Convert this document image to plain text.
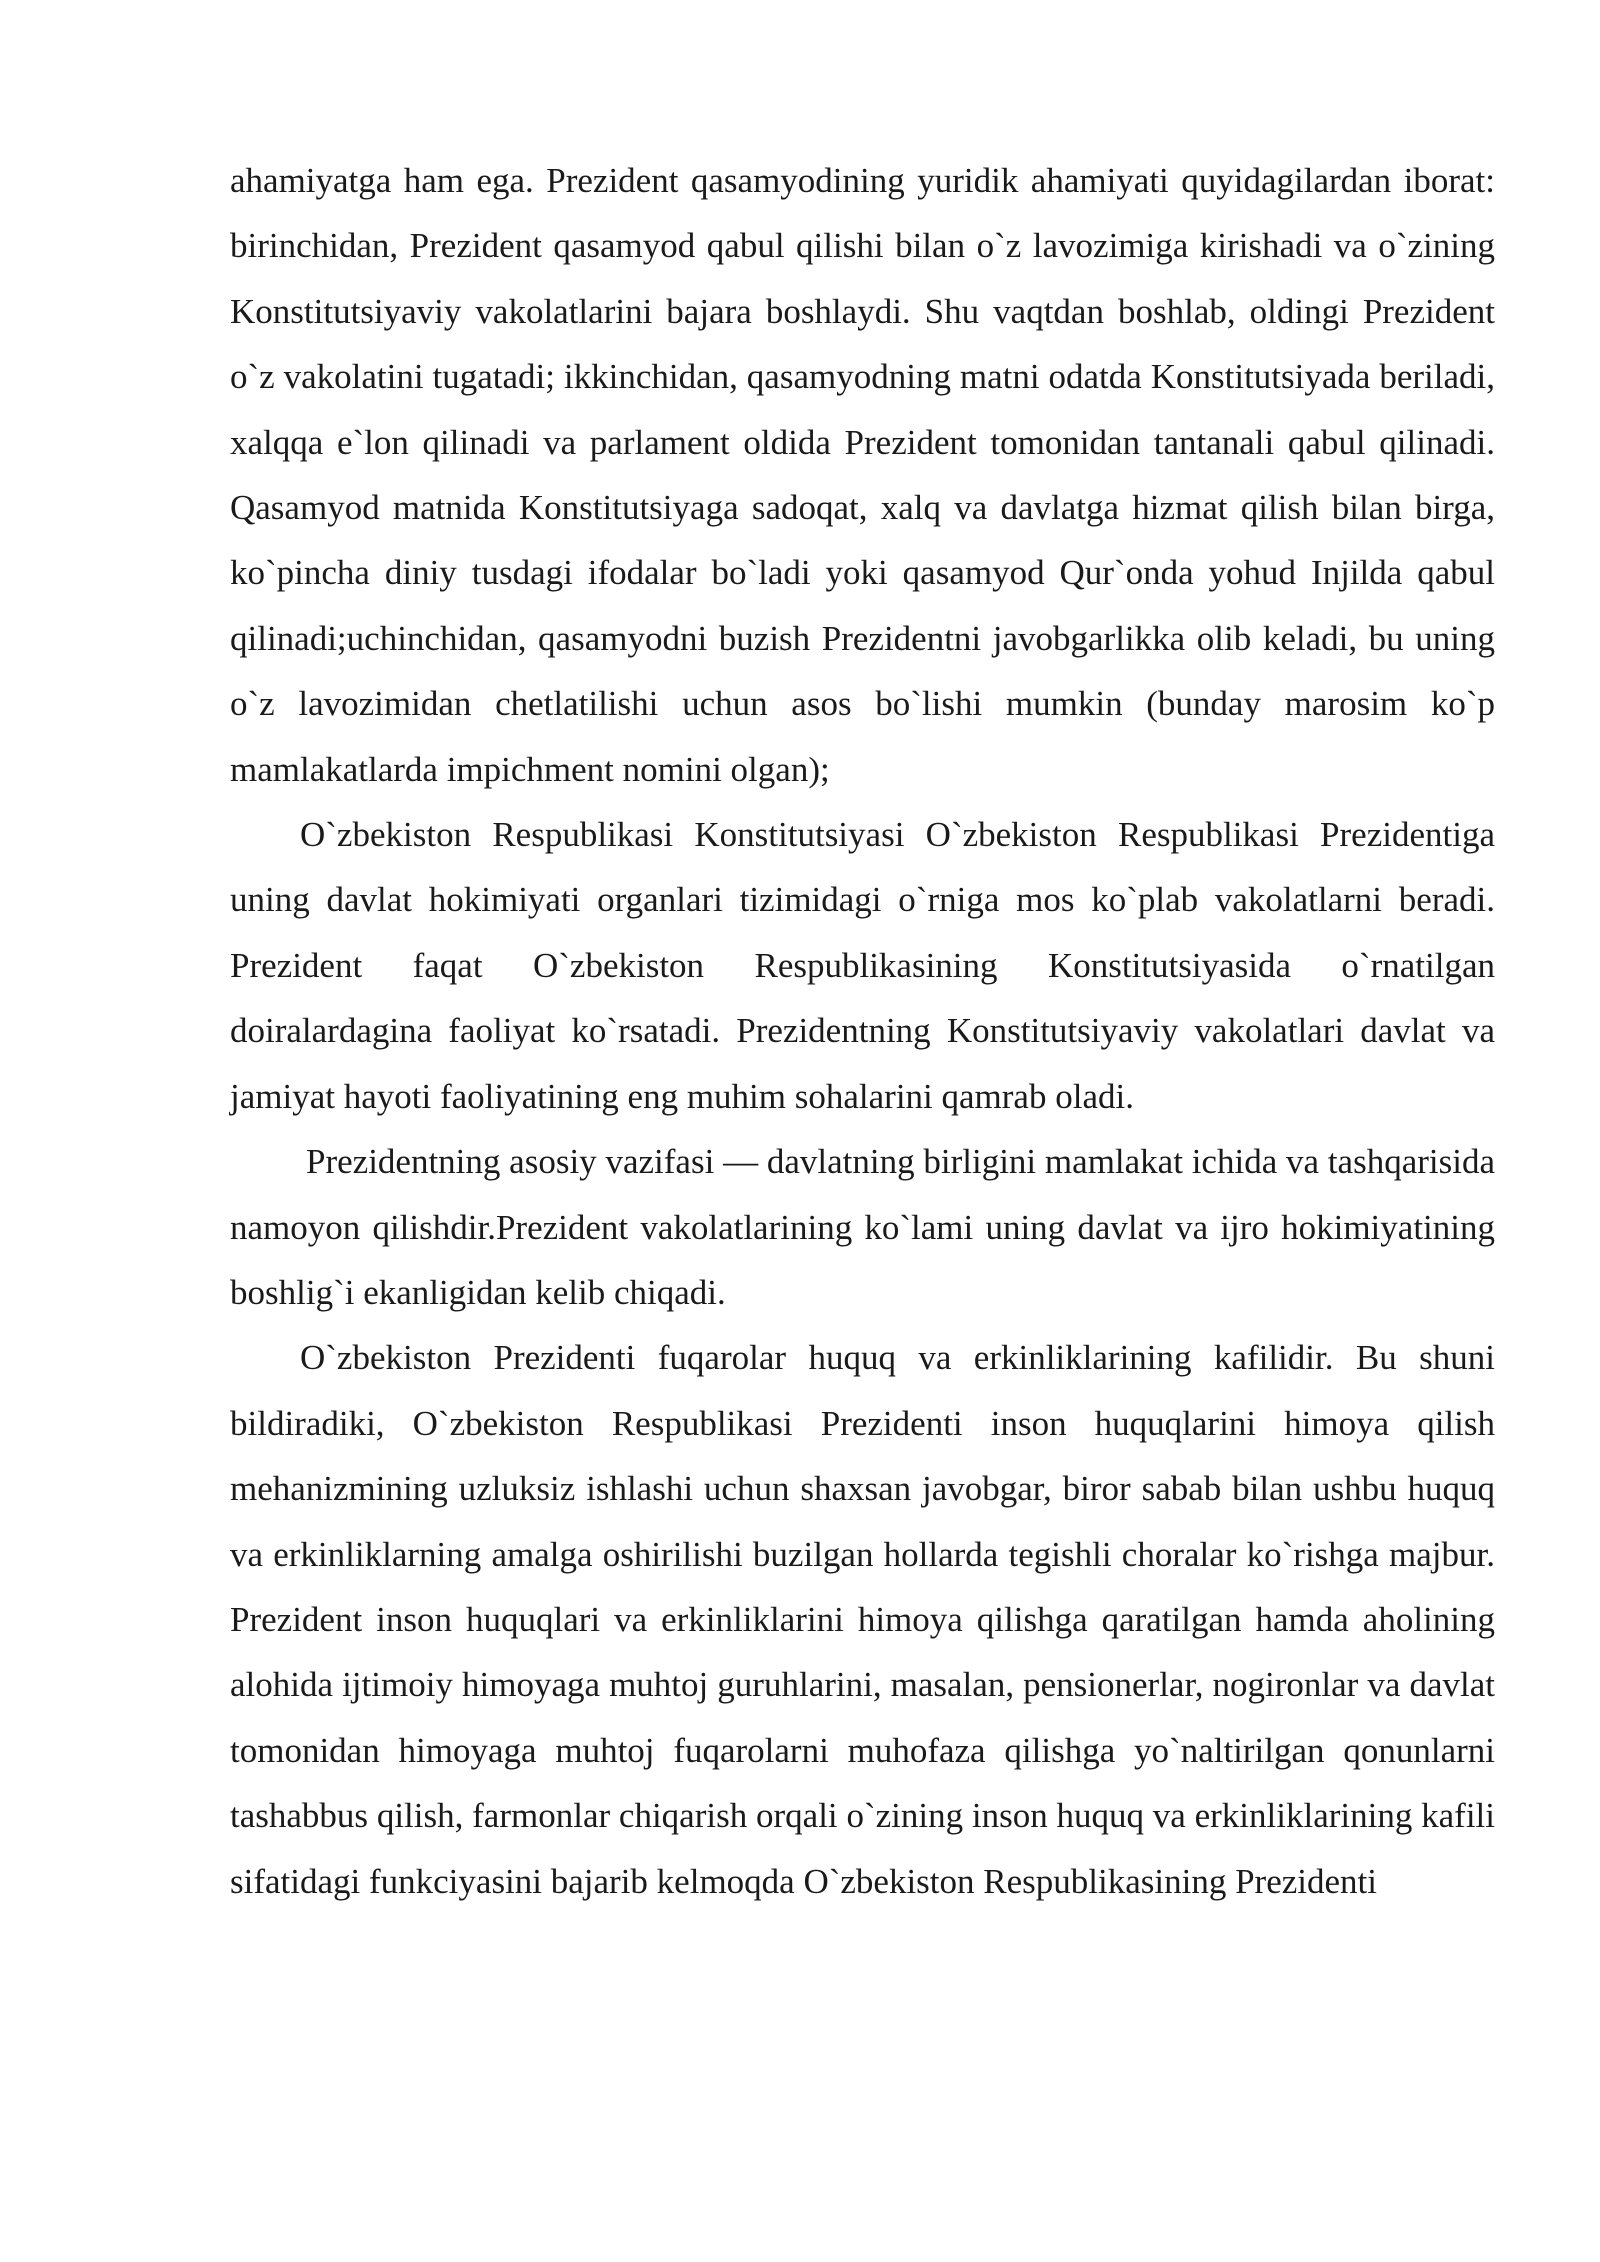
ahamiyatga ham ega. Prezident qasamyodining yuridik ahamiyati quyidagilardan iborat: birinchidan, Prezident qasamyod qabul qilishi bilan o`z lavozimiga kirishadi va o`zining Konstitutsiyaviy vakolatlarini bajara boshlaydi. Shu vaqtdan boshlab, oldingi Prezident o`z vakolatini tugatadi; ikkinchidan, qasamyodning matni odatda Konstitutsiyada beriladi, xalqqa e`lon qilinadi va parlament oldida Prezident tomonidan tantanali qabul qilinadi. Qasamyod matnida Konstitutsiyaga sadoqat, xalq va davlatga hizmat qilish bilan birga, ko`pincha diniy tusdagi ifodalar bo`ladi yoki qasamyod Qur`onda yohud Injilda qabul qilinadi;uchinchidan, qasamyodni buzish Prezidentni javobgarlikka olib keladi, bu uning o`z lavozimidan chetlatilishi uchun asos bo`lishi mumkin (bunday marosim ko`p mamlakatlarda impichment nomini olgan);

O`zbekiston Respublikasi Konstitutsiyasi O`zbekiston Respublikasi Prezidentiga uning davlat hokimiyati organlari tizimidagi o`rniga mos ko`plab vakolatlarni beradi. Prezident faqat O`zbekiston Respublikasining Konstitutsiyasida o`rnatilgan doiralardagina faoliyat ko`rsatadi. Prezidentning Konstitutsiyaviy vakolatlari davlat va jamiyat hayoti faoliyatining eng muhim sohalarini qamrab oladi.

Prezidentning asosiy vazifasi — davlatning birligini mamlakat ichida va tashqarisida namoyon qilishdir.Prezident vakolatlarining ko`lami uning davlat va ijro hokimiyatining boshlig`i ekanligidan kelib chiqadi.

O`zbekiston Prezidenti fuqarolar huquq va erkinliklarining kafilidir. Bu shuni bildiradiki, O`zbekiston Respublikasi Prezidenti inson huquqlarini himoya qilish mehanizmining uzluksiz ishlashi uchun shaxsan javobgar, biror sabab bilan ushbu huquq va erkinliklarning amalga oshirilishi buzilgan hollarda tegishli choralar ko`rishga majbur. Prezident inson huquqlari va erkinliklarini himoya qilishga qaratilgan hamda aholining alohida ijtimoiy himoyaga muhtoj guruhlarini, masalan, pensionerlar, nogironlar va davlat tomonidan himoyaga muhtoj fuqarolarni muhofaza qilishga yo`naltirilgan qonunlarni tashabbus qilish, farmonlar chiqarish orqali o`zining inson huquq va erkinliklarining kafili sifatidagi funkciyasini bajarib kelmoqda O`zbekiston Respublikasining Prezidenti
